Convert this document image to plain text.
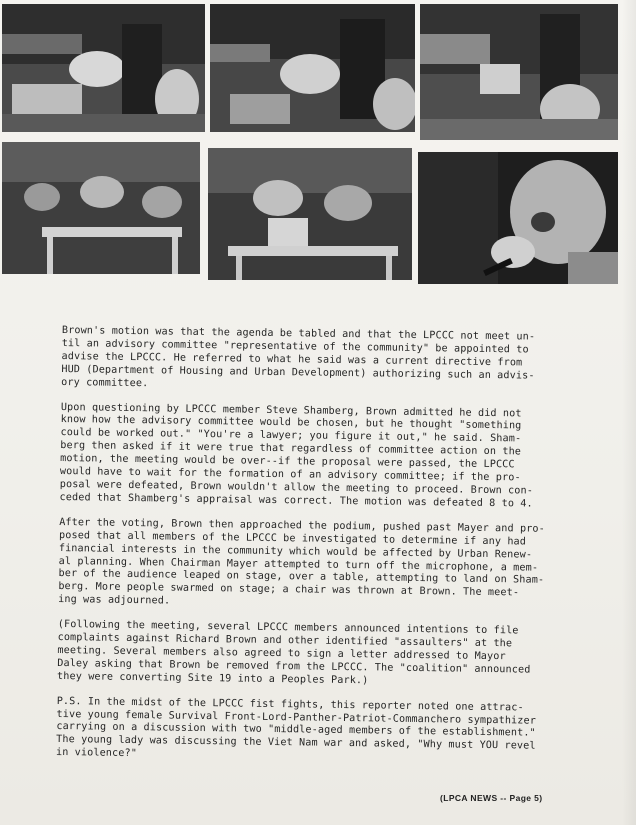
Brown's motion was that the agenda be tabled and that the LPCCC not meet un-
til an advisory committee "representative of the community" be appointed to
advise the LPCCC. He referred to what he said was a current directive from
HUD (Department of Housing and Urban Development) authorizing such an advis-
ory committee.

Upon questioning by LPCCC member Steve Shamberg, Brown admitted he did not
know how the advisory committee would be chosen, but he thought "something
could be worked out." "You're a lawyer; you figure it out," he said. Sham-
berg then asked if it were true that regardless of committee action on the
motion, the meeting would be over--if the proposal were passed, the LPCCC
would have to wait for the formation of an advisory committee; if the pro-
posal were defeated, Brown wouldn't allow the meeting to proceed. Brown con-
ceded that Shamberg's appraisal was correct. The motion was defeated 8 to 4.

After the voting, Brown then approached the podium, pushed past Mayer and pro-
posed that all members of the LPCCC be investigated to determine if any had
financial interests in the community which would be affected by Urban Renew-
al planning. When Chairman Mayer attempted to turn off the microphone, a mem-
ber of the audience leaped on stage, over a table, attempting to land on Sham-
berg. More people swarmed on stage; a chair was thrown at Brown. The meet-
ing was adjourned.

(Following the meeting, several LPCCC members announced intentions to file
complaints against Richard Brown and other identified "assaulters" at the
meeting. Several members also agreed to sign a letter addressed to Mayor
Daley asking that Brown be removed from the LPCCC. The "coalition" announced
they were converting Site 19 into a Peoples Park.)

P.S. In the midst of the LPCCC fist fights, this reporter noted one attrac-
tive young female Survival Front-Lord-Panther-Patriot-Commanchero sympathizer
carrying on a discussion with two "middle-aged members of the establishment."
The young lady was discussing the Viet Nam war and asked, "Why must YOU revel
in violence?"

(LPCA NEWS -- Page 5)
